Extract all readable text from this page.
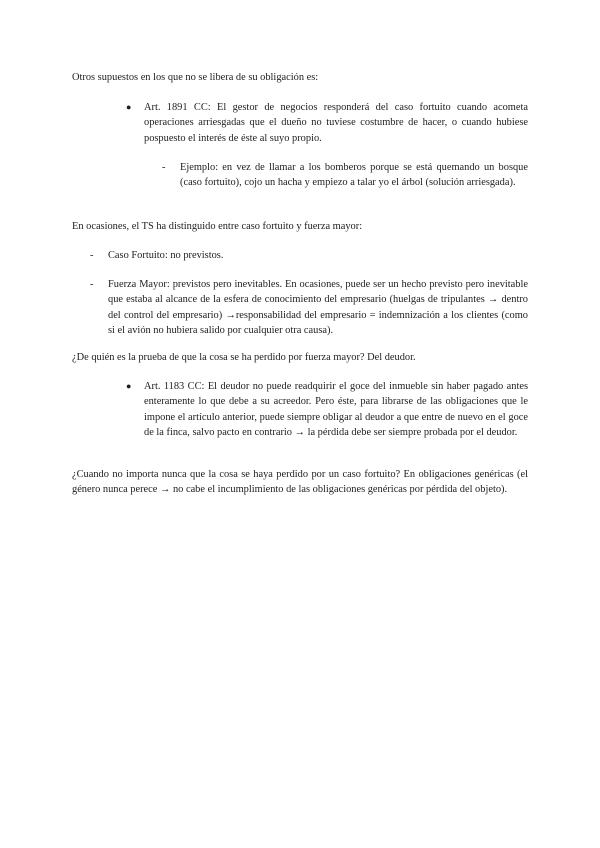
Otros supuestos en los que no se libera de su obligación es:

● Art. 1891 CC: El gestor de negocios responderá del caso fortuito cuando acometa operaciones arriesgadas que el dueño no tuviese costumbre de hacer, o cuando hubiese pospuesto el interés de éste al suyo propio.

- Ejemplo: en vez de llamar a los bomberos porque se está quemando un bosque (caso fortuito), cojo un hacha y empiezo a talar yo el árbol (solución arriesgada).

En ocasiones, el TS ha distinguido entre caso fortuito y fuerza mayor:

- Caso Fortuito: no previstos.

- Fuerza Mayor: previstos pero inevitables. En ocasiones, puede ser un hecho previsto pero inevitable que estaba al alcance de la esfera de conocimiento del empresario (huelgas de tripulantes → dentro del control del empresario) →responsabilidad del empresario = indemnización a los clientes (como si el avión no hubiera salido por cualquier otra causa).

¿De quién es la prueba de que la cosa se ha perdido por fuerza mayor? Del deudor.

● Art. 1183 CC: El deudor no puede readquirir el goce del inmueble sin haber pagado antes enteramente lo que debe a su acreedor. Pero éste, para librarse de las obligaciones que le impone el artículo anterior, puede siempre obligar al deudor a que entre de nuevo en el goce de la finca, salvo pacto en contrario → la pérdida debe ser siempre probada por el deudor.

¿Cuando no importa nunca que la cosa se haya perdido por un caso fortuito? En obligaciones genéricas (el género nunca perece → no cabe el incumplimiento de las obligaciones genéricas por pérdida del objeto).
